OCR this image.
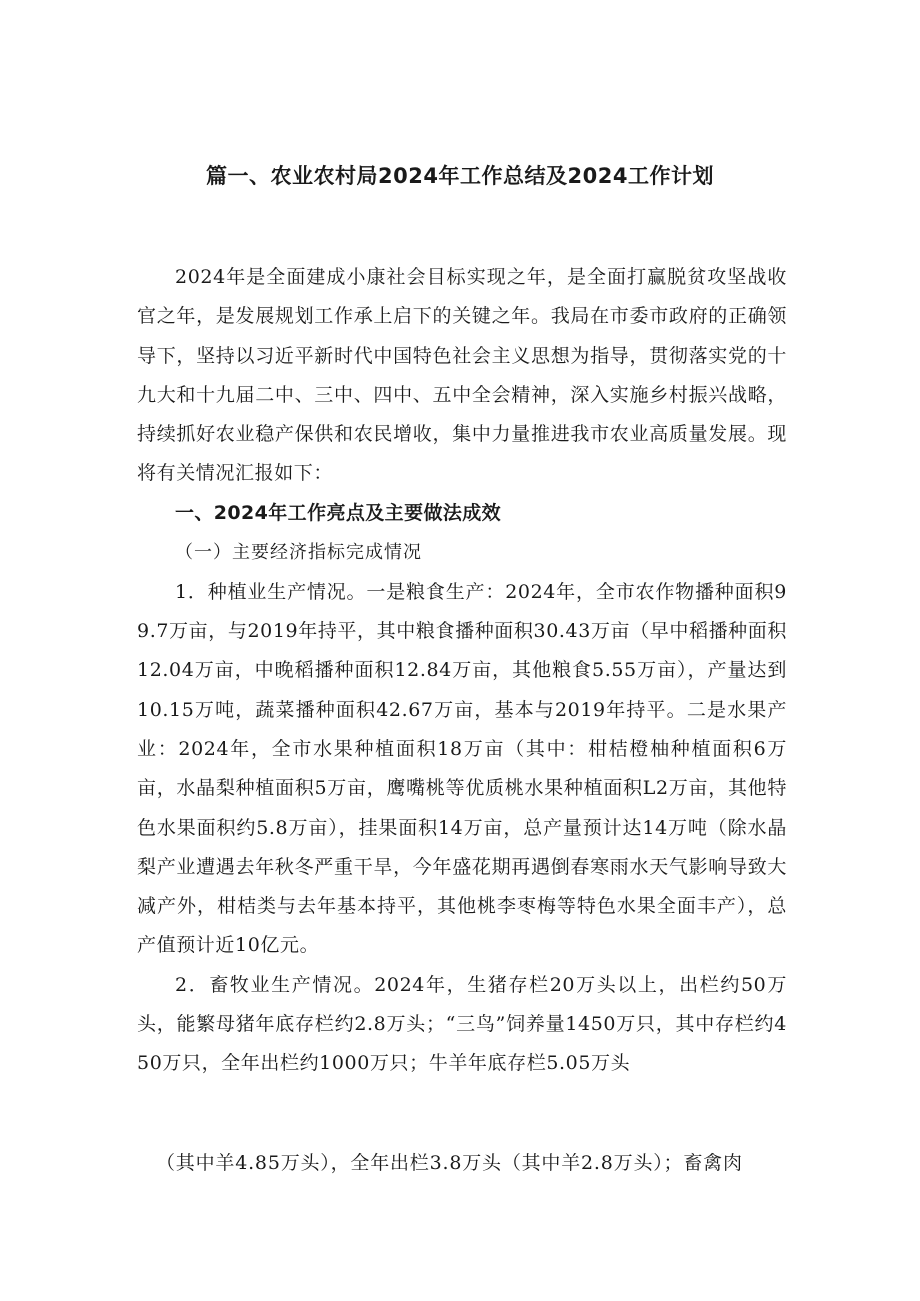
篇一、农业农村局2024年工作总结及2024工作计划

2024年是全面建成小康社会目标实现之年，是全面打赢脱贫攻坚战收官之年，是发展规划工作承上启下的关键之年。我局在市委市政府的正确领导下，坚持以习近平新时代中国特色社会主义思想为指导，贯彻落实党的十九大和十九届二中、三中、四中、五中全会精神，深入实施乡村振兴战略，持续抓好农业稳产保供和农民增收，集中力量推进我市农业高质量发展。现将有关情况汇报如下：

一、2024年工作亮点及主要做法成效

（一）主要经济指标完成情况

1．种植业生产情况。一是粮食生产：2024年，全市农作物播种面积99.7万亩，与2019年持平，其中粮食播种面积30.43万亩（早中稻播种面积12.04万亩，中晚稻播种面积12.84万亩，其他粮食5.55万亩），产量达到10.15万吨，蔬菜播种面积42.67万亩，基本与2019年持平。二是水果产业：2024年，全市水果种植面积18万亩（其中：柑桔橙柚种植面积6万亩，水晶梨种植面积5万亩，鹰嘴桃等优质桃水果种植面积L2万亩，其他特色水果面积约5.8万亩），挂果面积14万亩，总产量预计达14万吨（除水晶梨产业遭遇去年秋冬严重干旱，今年盛花期再遇倒春寒雨水天气影响导致大减产外，柑桔类与去年基本持平，其他桃李枣梅等特色水果全面丰产），总产值预计近10亿元。

2．畜牧业生产情况。2024年，生猪存栏20万头以上，出栏约50万头，能繁母猪年底存栏约2.8万头；“三鸟”饲养量1450万只，其中存栏约450万只，全年出栏约1000万只；牛羊年底存栏5.05万头

（其中羊4.85万头），全年出栏3.8万头（其中羊2.8万头）；畜禽肉
